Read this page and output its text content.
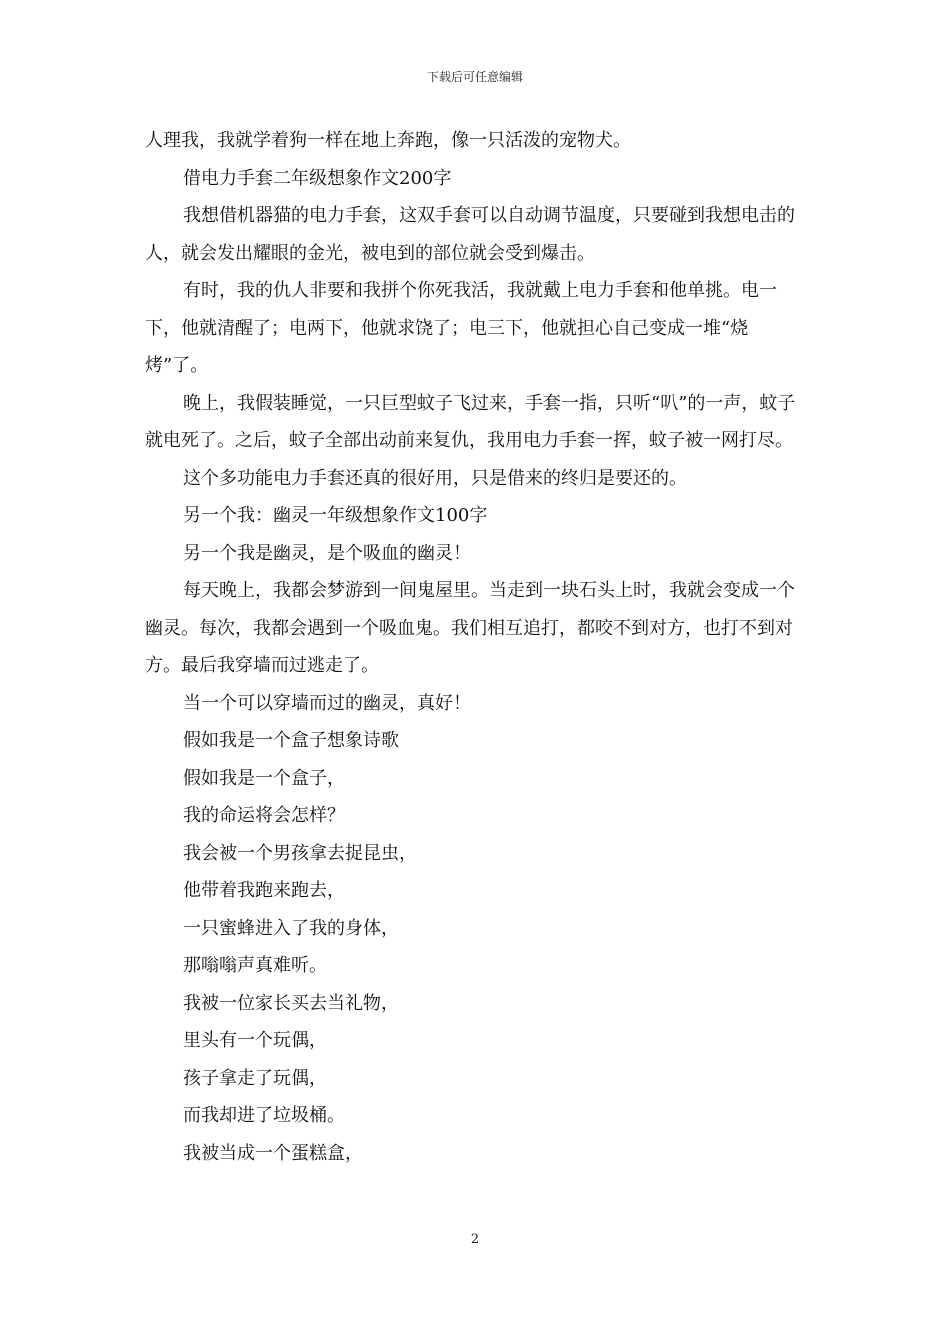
下载后可任意编辑

人理我，我就学着狗一样在地上奔跑，像一只活泼的宠物犬。

借电力手套二年级想象作文200字

我想借机器猫的电力手套，这双手套可以自动调节温度，只要碰到我想电击的人，就会发出耀眼的金光，被电到的部位就会受到爆击。

有时，我的仇人非要和我拼个你死我活，我就戴上电力手套和他单挑。电一下，他就清醒了；电两下，他就求饶了；电三下，他就担心自己变成一堆“烧烤”了。

晚上，我假装睡觉，一只巨型蚊子飞过来，手套一指，只听“叭”的一声，蚊子就电死了。之后，蚊子全部出动前来复仇，我用电力手套一挥，蚊子被一网打尽。

这个多功能电力手套还真的很好用，只是借来的终归是要还的。

另一个我：幽灵一年级想象作文100字

另一个我是幽灵，是个吸血的幽灵！

每天晚上，我都会梦游到一间鬼屋里。当走到一块石头上时，我就会变成一个幽灵。每次，我都会遇到一个吸血鬼。我们相互追打，都咬不到对方，也打不到对方。最后我穿墙而过逃走了。

当一个可以穿墙而过的幽灵，真好！

假如我是一个盒子想象诗歌

假如我是一个盒子，

我的命运将会怎样？

我会被一个男孩拿去捉昆虫，

他带着我跑来跑去，

一只蜜蜂进入了我的身体，

那嗡嗡声真难听。

我被一位家长买去当礼物，

里头有一个玩偶，

孩子拿走了玩偶，

而我却进了垃圾桶。

我被当成一个蛋糕盒，

2
